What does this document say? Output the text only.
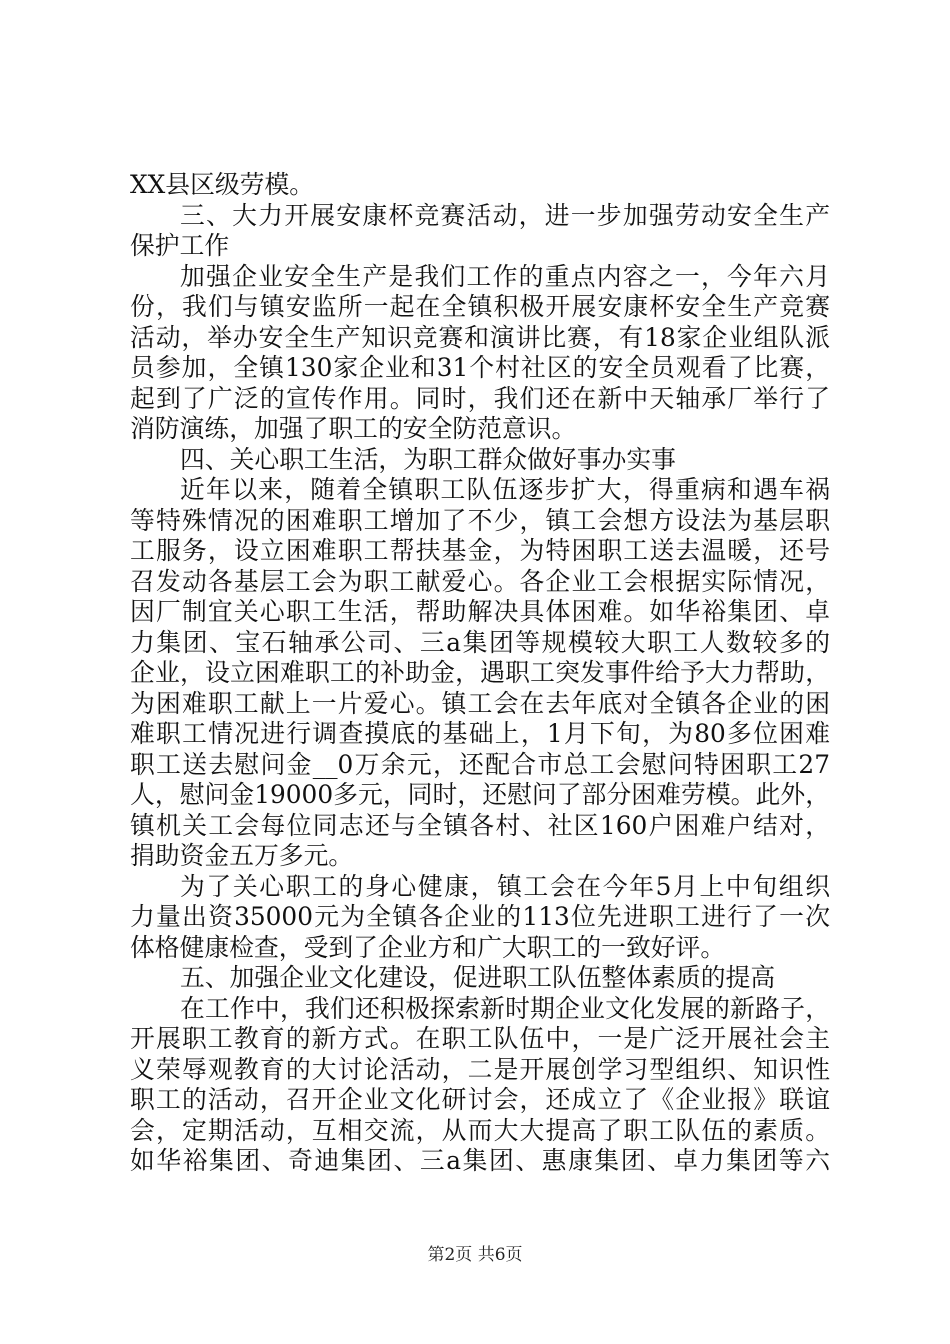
XX县区级劳模。
三、大力开展安康杯竞赛活动，进一步加强劳动安全生产
保护工作
加强企业安全生产是我们工作的重点内容之一，今年六月
份，我们与镇安监所一起在全镇积极开展安康杯安全生产竞赛
活动，举办安全生产知识竞赛和演讲比赛，有18家企业组队派
员参加，全镇130家企业和31个村社区的安全员观看了比赛，
起到了广泛的宣传作用。同时，我们还在新中天轴承厂举行了
消防演练，加强了职工的安全防范意识。
四、关心职工生活，为职工群众做好事办实事
近年以来，随着全镇职工队伍逐步扩大，得重病和遇车祸
等特殊情况的困难职工增加了不少，镇工会想方设法为基层职
工服务，设立困难职工帮扶基金，为特困职工送去温暖，还号
召发动各基层工会为职工献爱心。各企业工会根据实际情况，
因厂制宜关心职工生活，帮助解决具体困难。如华裕集团、卓
力集团、宝石轴承公司、三a集团等规模较大职工人数较多的
企业，设立困难职工的补助金，遇职工突发事件给予大力帮助，
为困难职工献上一片爱心。镇工会在去年底对全镇各企业的困
难职工情况进行调查摸底的基础上，1月下旬，为80多位困难
职工送去慰问金__0万余元，还配合市总工会慰问特困职工27
人，慰问金19000多元，同时，还慰问了部分困难劳模。此外，
镇机关工会每位同志还与全镇各村、社区160户困难户结对，
捐助资金五万多元。
为了关心职工的身心健康，镇工会在今年5月上中旬组织
力量出资35000元为全镇各企业的113位先进职工进行了一次
体格健康检查，受到了企业方和广大职工的一致好评。
五、加强企业文化建设，促进职工队伍整体素质的提高
在工作中，我们还积极探索新时期企业文化发展的新路子，
开展职工教育的新方式。在职工队伍中，一是广泛开展社会主
义荣辱观教育的大讨论活动，二是开展创学习型组织、知识性
职工的活动，召开企业文化研讨会，还成立了《企业报》联谊
会，定期活动，互相交流，从而大大提高了职工队伍的素质。
如华裕集团、奇迪集团、三a集团、惠康集团、卓力集团等六
第2页 共6页
